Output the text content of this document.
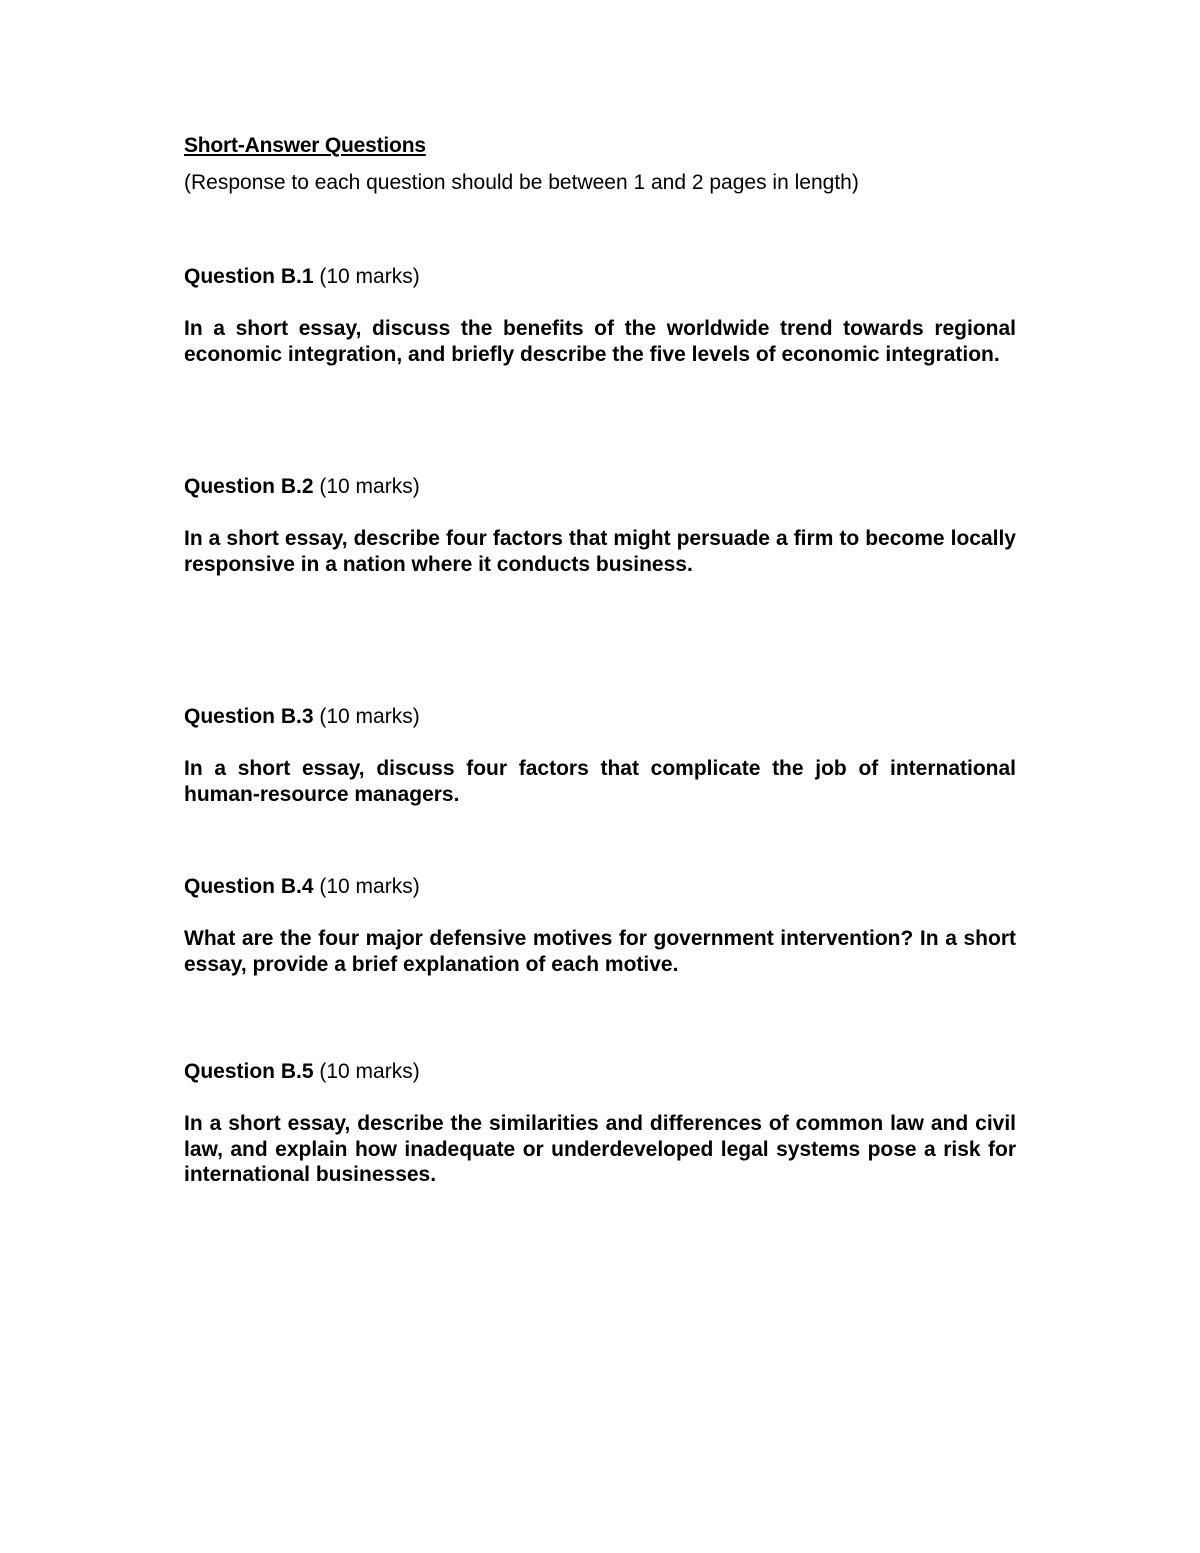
Short-Answer Questions

(Response to each question should be between 1 and 2 pages in length)

Question B.1 (10 marks)

In a short essay, discuss the benefits of the worldwide trend towards regional economic integration, and briefly describe the five levels of economic integration.

Question B.2 (10 marks)

In a short essay, describe four factors that might persuade a firm to become locally responsive in a nation where it conducts business.

Question B.3 (10 marks)

In a short essay, discuss four factors that complicate the job of international human-resource managers.

Question B.4 (10 marks)

What are the four major defensive motives for government intervention? In a short essay, provide a brief explanation of each motive.

Question B.5 (10 marks)

In a short essay, describe the similarities and differences of common law and civil law, and explain how inadequate or underdeveloped legal systems pose a risk for international businesses.
